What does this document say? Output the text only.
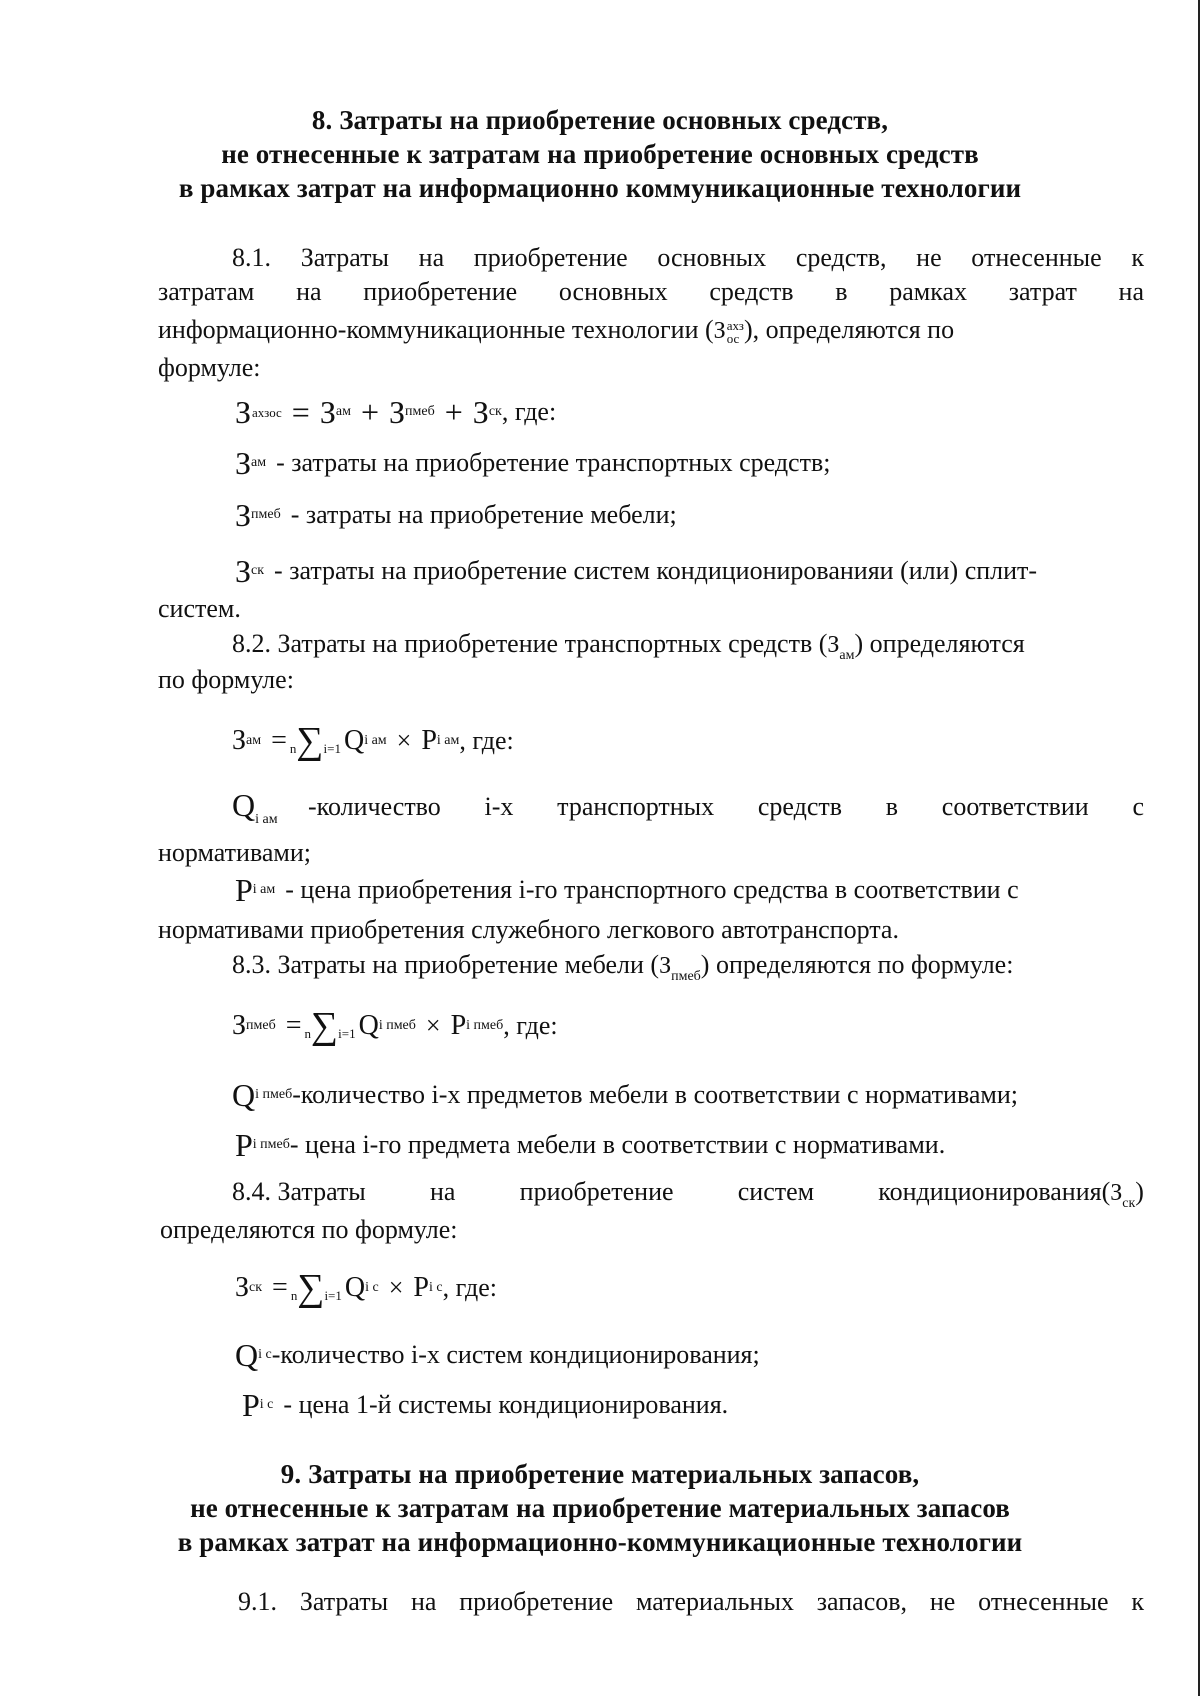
8. Затраты на приобретение основных средств,
не отнесенные к затратам на приобретение основных средств
в рамках затрат на информационно коммуникационные технологии
8.1. Затраты на приобретение основных средств, не отнесенные к
затратам на приобретение основных средств в рамках затрат на
информационно-коммуникационные технологии (З ахз
ос ), определяются по
формуле:
З ахзос = З ам + З пмеб + З ск , где:
З ам - затраты на приобретение транспортных средств;
З пмеб - затраты на приобретение мебели;
З ск - затраты на приобретение систем кондиционированияи (или) сплит-
систем.
8.2. Затраты на приобретение транспортных средств $(З_{ам})$ определяются
по формуле:
З ам = n∑i=1 Q i ам × P i ам , где:
$Q_{i ам}$ -количество i-х транспортных средств в соответствии с
нормативами;
P i ам - цена приобретения i-го транспортного средства в соответствии с
нормативами приобретения служебного легкового автотранспорта.
8.3. Затраты на приобретение мебели $(З_{пмеб})$ определяются по формуле:
З пмеб = n∑i=1 Q i пмеб × P i пмеб , где:
Q i пмеб -количество i-х предметов мебели в соответствии с нормативами;
P i пмеб - цена i-го предмета мебели в соответствии с нормативами.
8.4. Затраты на приобретение систем $кондиционирования(З_{ск})$
определяются по формуле:
З ск = n∑i=1 Q i с × P i с , где:
Q i с -количество i-х систем кондиционирования;
P i с - цена 1-й системы кондиционирования.
9. Затраты на приобретение материальных запасов,
не отнесенные к затратам на приобретение материальных запасов
в рамках затрат на информационно-коммуникационные технологии
9.1. Затраты на приобретение материальных запасов, не отнесенные к
